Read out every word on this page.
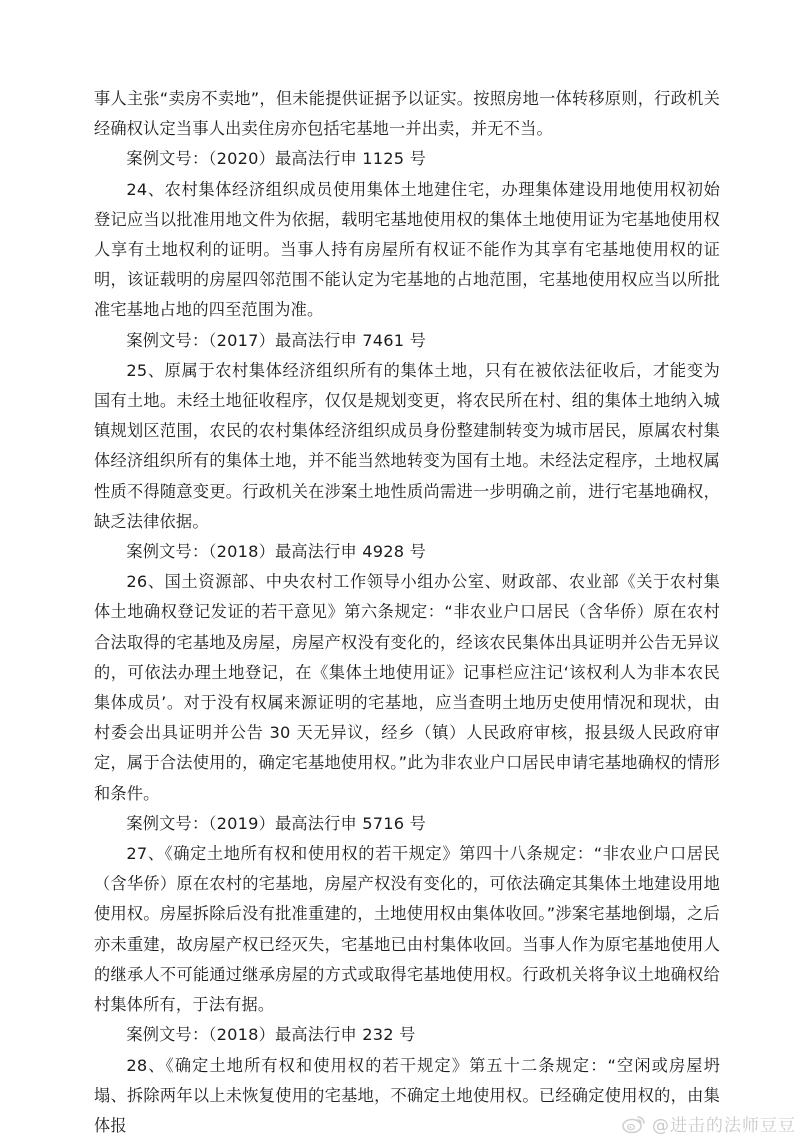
事人主张“卖房不卖地”，但未能提供证据予以证实。按照房地一体转移原则，行政机关经确权认定当事人出卖住房亦包括宅基地一并出卖，并无不当。

案例文号：（2020）最高法行申 1125 号

24、农村集体经济组织成员使用集体土地建住宅，办理集体建设用地使用权初始登记应当以批准用地文件为依据，载明宅基地使用权的集体土地使用证为宅基地使用权人享有土地权利的证明。当事人持有房屋所有权证不能作为其享有宅基地使用权的证明，该证载明的房屋四邻范围不能认定为宅基地的占地范围，宅基地使用权应当以所批准宅基地占地的四至范围为准。

案例文号：（2017）最高法行申 7461 号

25、原属于农村集体经济组织所有的集体土地，只有在被依法征收后，才能变为国有土地。未经土地征收程序，仅仅是规划变更，将农民所在村、组的集体土地纳入城镇规划区范围，农民的农村集体经济组织成员身份整建制转变为城市居民，原属农村集体经济组织所有的集体土地，并不能当然地转变为国有土地。未经法定程序，土地权属性质不得随意变更。行政机关在涉案土地性质尚需进一步明确之前，进行宅基地确权，缺乏法律依据。

案例文号：（2018）最高法行申 4928 号

26、国土资源部、中央农村工作领导小组办公室、财政部、农业部《关于农村集体土地确权登记发证的若干意见》第六条规定：“非农业户口居民（含华侨）原在农村合法取得的宅基地及房屋，房屋产权没有变化的，经该农民集体出具证明并公告无异议的，可依法办理土地登记，在《集体土地使用证》记事栏应注记‘该权利人为非本农民集体成员’。对于没有权属来源证明的宅基地，应当查明土地历史使用情况和现状，由村委会出具证明并公告 30 天无异议，经乡（镇）人民政府审核，报县级人民政府审定，属于合法使用的，确定宅基地使用权。”此为非农业户口居民申请宅基地确权的情形和条件。

案例文号：（2019）最高法行申 5716 号

27、《确定土地所有权和使用权的若干规定》第四十八条规定：“非农业户口居民（含华侨）原在农村的宅基地，房屋产权没有变化的，可依法确定其集体土地建设用地使用权。房屋拆除后没有批准重建的，土地使用权由集体收回。”涉案宅基地倒塌，之后亦未重建，故房屋产权已经灭失，宅基地已由村集体收回。当事人作为原宅基地使用人的继承人不可能通过继承房屋的方式或取得宅基地使用权。行政机关将争议土地确权给村集体所有，于法有据。

案例文号：（2018）最高法行申 232 号

28、《确定土地所有权和使用权的若干规定》第五十二条规定：“空闲或房屋坍塌、拆除两年以上未恢复使用的宅基地，不确定土地使用权。已经确定使用权的，由集体报	@进击的法师豆豆
